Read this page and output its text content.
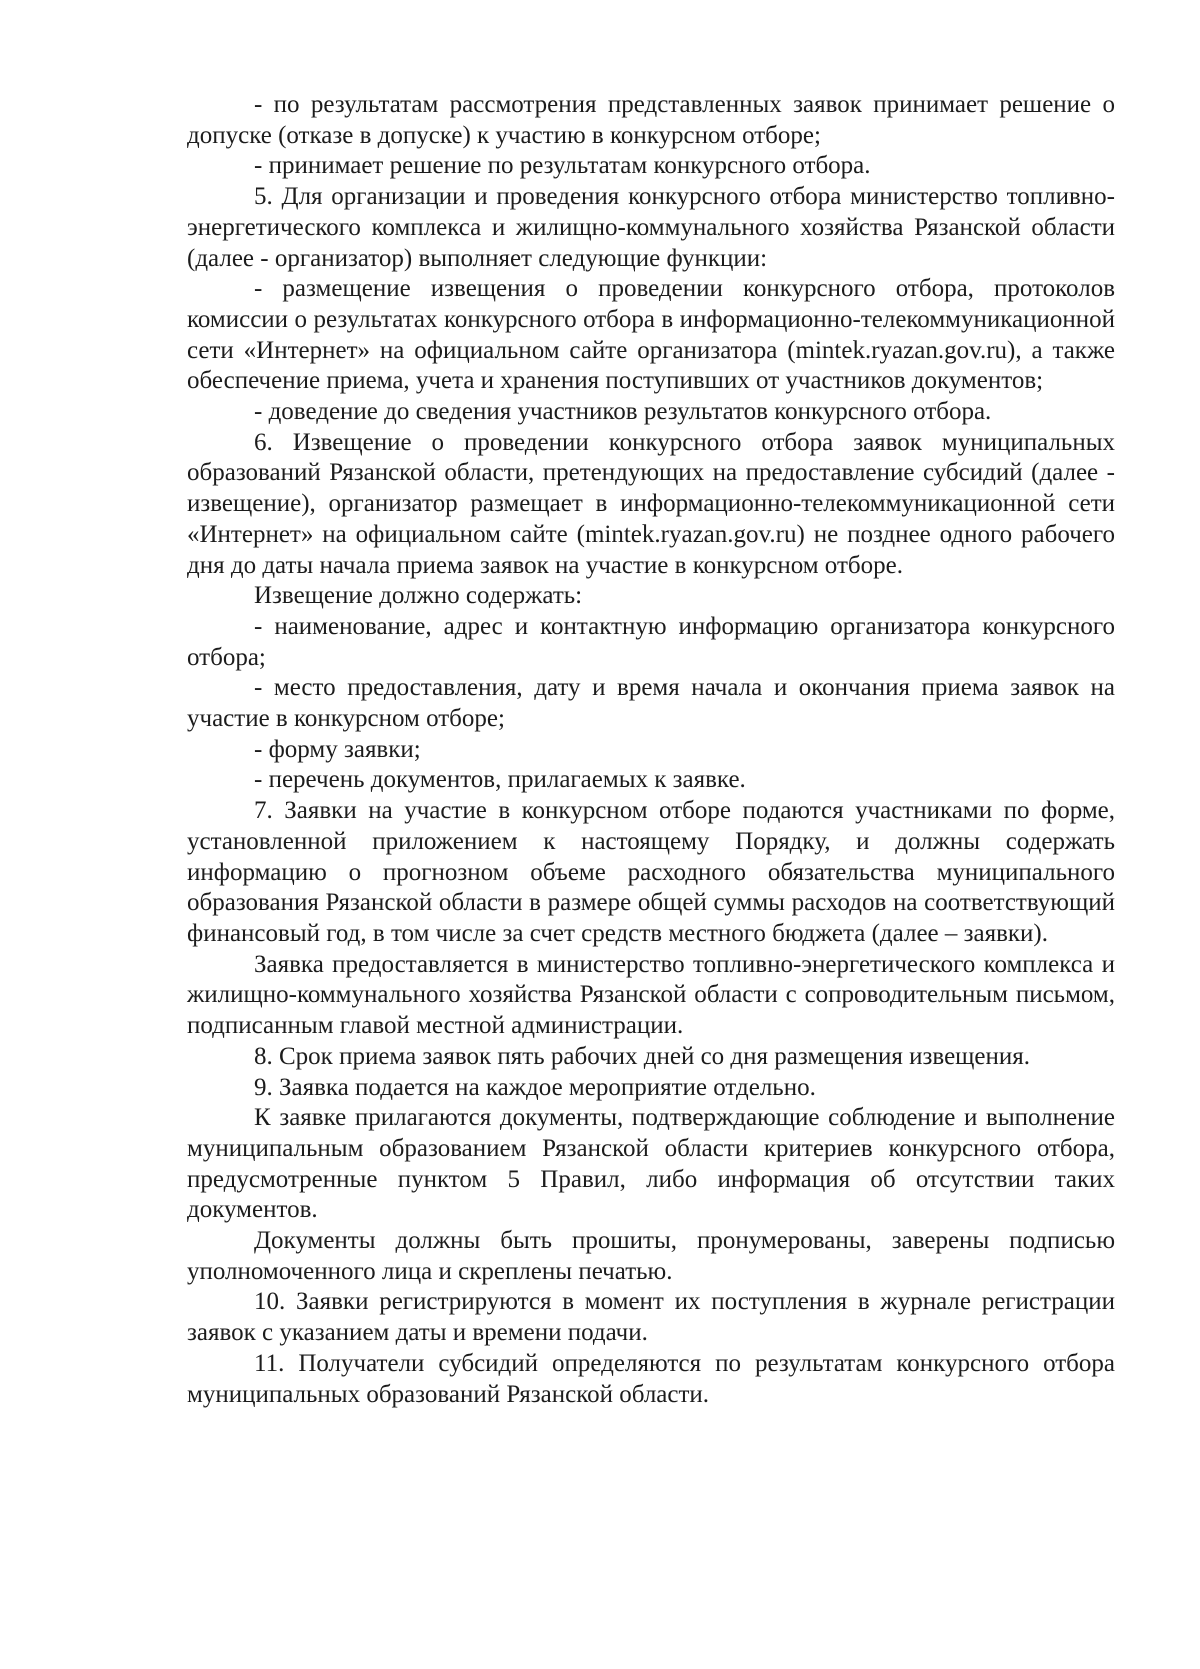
- по результатам рассмотрения представленных заявок принимает решение о допуске (отказе в допуске) к участию в конкурсном отборе;

- принимает решение по результатам конкурсного отбора.

5. Для организации и проведения конкурсного отбора министерство топливно-энергетического комплекса и жилищно-коммунального хозяйства Рязанской области (далее - организатор) выполняет следующие функции:

- размещение извещения о проведении конкурсного отбора, протоколов комиссии о результатах конкурсного отбора в информационно-телекоммуникационной сети «Интернет» на официальном сайте организатора (mintek.ryazan.gov.ru), а также обеспечение приема, учета и хранения поступивших от участников документов;

- доведение до сведения участников результатов конкурсного отбора.

6. Извещение о проведении конкурсного отбора заявок муниципальных образований Рязанской области, претендующих на предоставление субсидий (далее - извещение), организатор размещает в информационно-телекоммуникационной сети «Интернет» на официальном сайте (mintek.ryazan.gov.ru) не позднее одного рабочего дня до даты начала приема заявок на участие в конкурсном отборе.

Извещение должно содержать:

- наименование, адрес и контактную информацию организатора конкурсного отбора;

- место предоставления, дату и время начала и окончания приема заявок на участие в конкурсном отборе;

- форму заявки;

- перечень документов, прилагаемых к заявке.

7. Заявки на участие в конкурсном отборе подаются участниками по форме, установленной приложением к настоящему Порядку, и должны содержать информацию о прогнозном объеме расходного обязательства муниципального образования Рязанской области в размере общей суммы расходов на соответствующий финансовый год, в том числе за счет средств местного бюджета (далее – заявки).

Заявка предоставляется в министерство топливно-энергетического комплекса и жилищно-коммунального хозяйства Рязанской области с сопроводительным письмом, подписанным главой местной администрации.

8. Срок приема заявок пять рабочих дней со дня размещения извещения.

9. Заявка подается на каждое мероприятие отдельно.

К заявке прилагаются документы, подтверждающие соблюдение и выполнение муниципальным образованием Рязанской области критериев конкурсного отбора, предусмотренные пунктом 5 Правил, либо информация об отсутствии таких документов.

Документы должны быть прошиты, пронумерованы, заверены подписью уполномоченного лица и скреплены печатью.

10. Заявки регистрируются в момент их поступления в журнале регистрации заявок с указанием даты и времени подачи.

11. Получатели субсидий определяются по результатам конкурсного отбора муниципальных образований Рязанской области.
